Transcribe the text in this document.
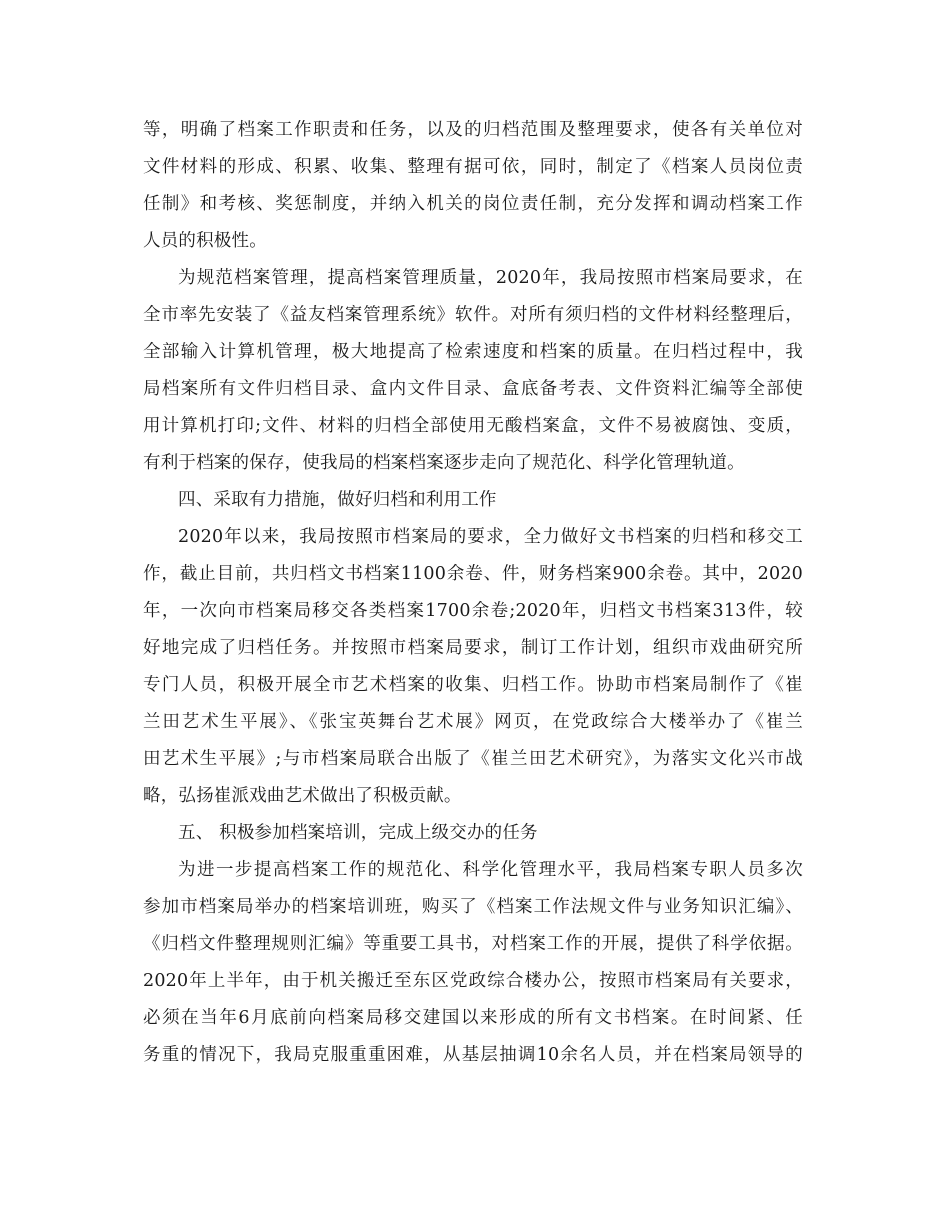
等，明确了档案工作职责和任务，以及的归档范围及整理要求，使各有关单位对
文件材料的形成、积累、收集、整理有据可依，同时，制定了《档案人员岗位责
任制》和考核、奖惩制度，并纳入机关的岗位责任制，充分发挥和调动档案工作
人员的积极性。
为规范档案管理，提高档案管理质量，2020年，我局按照市档案局要求，在
全市率先安装了《益友档案管理系统》软件。对所有须归档的文件材料经整理后，
全部输入计算机管理，极大地提高了检索速度和档案的质量。在归档过程中，我
局档案所有文件归档目录、盒内文件目录、盒底备考表、文件资料汇编等全部使
用计算机打印;文件、材料的归档全部使用无酸档案盒，文件不易被腐蚀、变质，
有利于档案的保存，使我局的档案档案逐步走向了规范化、科学化管理轨道。
四、采取有力措施，做好归档和利用工作
2020年以来，我局按照市档案局的要求，全力做好文书档案的归档和移交工
作，截止目前，共归档文书档案1100余卷、件，财务档案900余卷。其中，2020
年，一次向市档案局移交各类档案1700余卷;2020年，归档文书档案313件，较
好地完成了归档任务。并按照市档案局要求，制订工作计划，组织市戏曲研究所
专门人员，积极开展全市艺术档案的收集、归档工作。协助市档案局制作了《崔
兰田艺术生平展》、《张宝英舞台艺术展》网页，在党政综合大楼举办了《崔兰
田艺术生平展》;与市档案局联合出版了《崔兰田艺术研究》，为落实文化兴市战
略，弘扬崔派戏曲艺术做出了积极贡献。
五、 积极参加档案培训，完成上级交办的任务
为进一步提高档案工作的规范化、科学化管理水平，我局档案专职人员多次
参加市档案局举办的档案培训班，购买了《档案工作法规文件与业务知识汇编》、
《归档文件整理规则汇编》等重要工具书，对档案工作的开展，提供了科学依据。
2020年上半年，由于机关搬迁至东区党政综合楼办公，按照市档案局有关要求，
必须在当年6月底前向档案局移交建国以来形成的所有文书档案。在时间紧、任
务重的情况下，我局克服重重困难，从基层抽调10余名人员，并在档案局领导的
